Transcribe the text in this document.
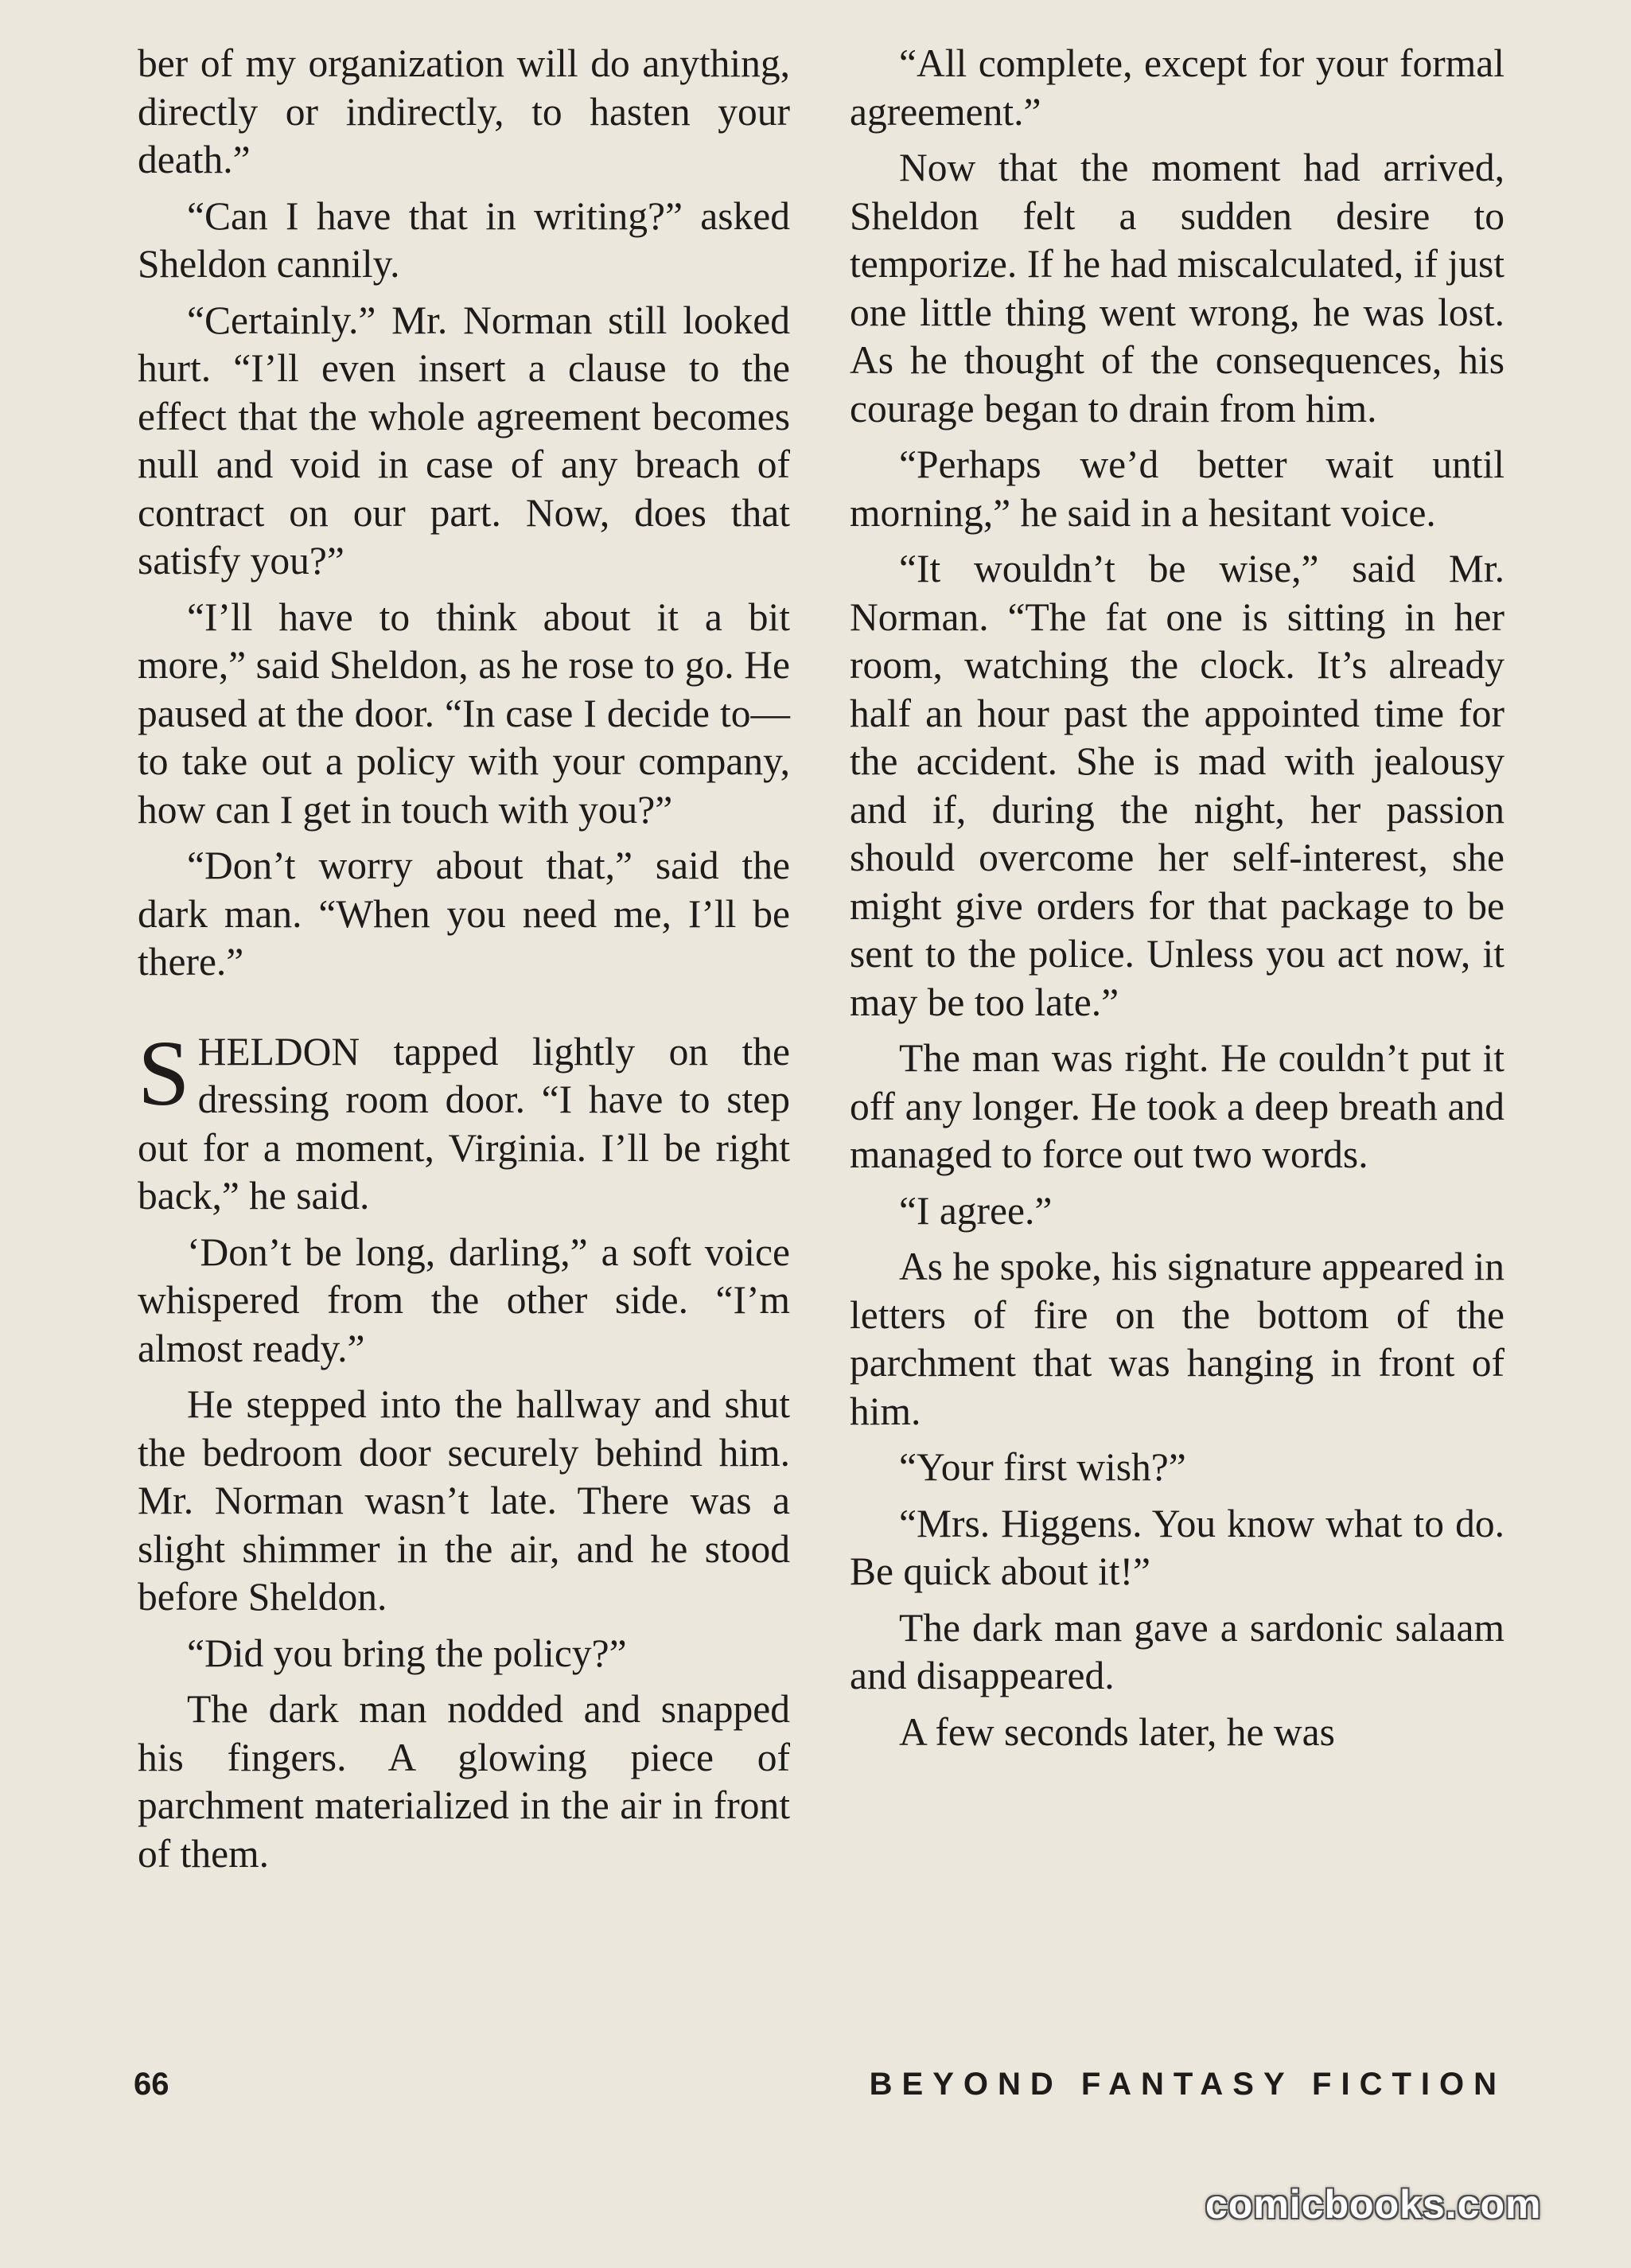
ber of my organization will do anything, directly or indirectly, to hasten your death.”

“Can I have that in writing?” asked Sheldon cannily.

“Certainly.” Mr. Norman still looked hurt. “I’ll even insert a clause to the effect that the whole agreement becomes null and void in case of any breach of contract on our part. Now, does that satisfy you?”

“I’ll have to think about it a bit more,” said Sheldon, as he rose to go. He paused at the door. “In case I decide to—to take out a policy with your company, how can I get in touch with you?”

“Don’t worry about that,” said the dark man. “When you need me, I’ll be there.”

SHELDON tapped lightly on the dressing room door. “I have to step out for a moment, Virginia. I’ll be right back,” he said.

‘Don’t be long, darling,” a soft voice whispered from the other side. “I’m almost ready.”

He stepped into the hallway and shut the bedroom door securely behind him. Mr. Norman wasn’t late. There was a slight shimmer in the air, and he stood before Sheldon.

“Did you bring the policy?”

The dark man nodded and snapped his fingers. A glowing piece of parchment materialized in the air in front of them.

“All complete, except for your formal agreement.”

Now that the moment had arrived, Sheldon felt a sudden desire to temporize. If he had miscalculated, if just one little thing went wrong, he was lost. As he thought of the consequences, his courage began to drain from him.

“Perhaps we’d better wait until morning,” he said in a hesitant voice.

“It wouldn’t be wise,” said Mr. Norman. “The fat one is sitting in her room, watching the clock. It’s already half an hour past the appointed time for the accident. She is mad with jealousy and if, during the night, her passion should overcome her self-interest, she might give orders for that package to be sent to the police. Unless you act now, it may be too late.”

The man was right. He couldn’t put it off any longer. He took a deep breath and managed to force out two words.

“I agree.”

As he spoke, his signature appeared in letters of fire on the bottom of the parchment that was hanging in front of him.

“Your first wish?”

“Mrs. Higgens. You know what to do. Be quick about it!”

The dark man gave a sardonic salaam and disappeared.

A few seconds later, he was

66	BEYOND FANTASY FICTION
comicbooks.com
